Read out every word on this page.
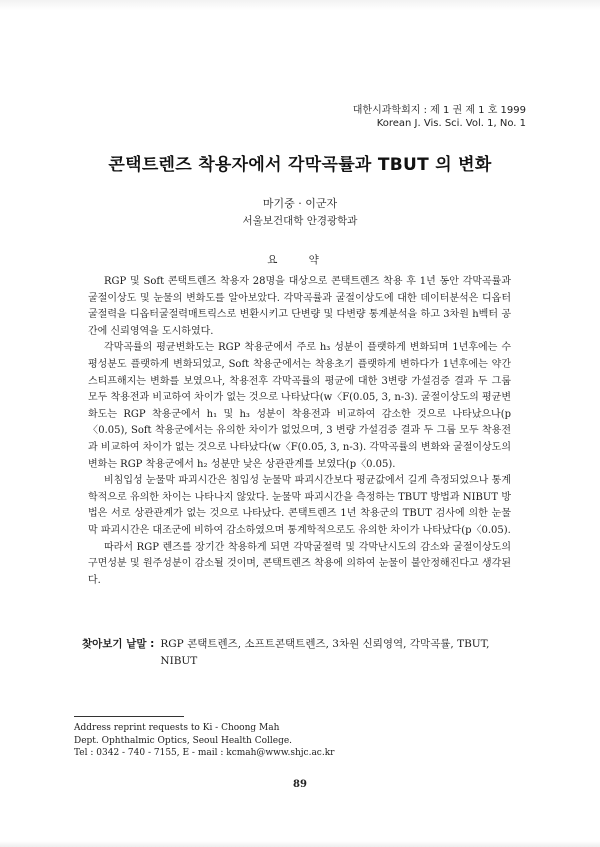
대한시과학회지 : 제 1 권 제 1 호 1999
Korean J. Vis. Sci. Vol. 1, No. 1
콘택트렌즈 착용자에서 각막곡률과 TBUT 의 변화
마기중 · 이군자
서울보건대학 안경광학과
요 약

RGP 및 Soft 콘택트렌즈 착용자 28명을 대상으로 콘택트렌즈 착용 후 1년 동안 각막곡률과 굴절이상도 및 눈물의 변화도를 알아보았다. 각막곡률과 굴절이상도에 대한 데이터분석은 디옵터굴절력을 디옵터굴절력매트릭스로 변환시키고 단변량 및 다변량 통계분석을 하고 3차원 h벡터 공간에 신뢰영역을 도시하였다.

각막곡률의 평균변화도는 RGP 착용군에서 주로 h₃ 성분이 플랫하게 변화되며 1년후에는 수평성분도 플랫하게 변화되었고, Soft 착용군에서는 착용초기 플랫하게 변하다가 1년후에는 약간 스티프해지는 변화를 보였으나, 착용전후 각막곡률의 평균에 대한 3변량 가설검증 결과 두 그룹 모두 착용전과 비교하여 차이가 없는 것으로 나타났다(w〈F(0.05, 3, n-3). 굴절이상도의 평균변화도는 RGP 착용군에서 h₁ 및 h₃ 성분이 착용전과 비교하여 감소한 것으로 나타났으나(p〈0.05), Soft 착용군에서는 유의한 차이가 없었으며, 3 변량 가설검증 결과 두 그룹 모두 착용전과 비교하여 차이가 없는 것으로 나타났다(w〈F(0.05, 3, n-3). 각막곡률의 변화와 굴절이상도의 변화는 RGP 착용군에서 h₂ 성분만 낮은 상관관계를 보였다(p〈0.05).

비침입성 눈물막 파괴시간은 침입성 눈물막 파괴시간보다 평균값에서 길게 측정되었으나 통계학적으로 유의한 차이는 나타나지 않았다. 눈물막 파괴시간을 측정하는 TBUT 방법과 NIBUT 방법은 서로 상관관계가 없는 것으로 나타났다. 콘택트렌즈 1년 착용군의 TBUT 검사에 의한 눈물막 파괴시간은 대조군에 비하여 감소하였으며 통계학적으로도 유의한 차이가 나타났다(p〈0.05).

따라서 RGP 렌즈를 장기간 착용하게 되면 각막굴절력 및 각막난시도의 감소와 굴절이상도의 구면성분 및 원주성분이 감소될 것이며, 콘택트렌즈 착용에 의하여 눈물이 불안정해진다고 생각된다.

찾아보기 낱말 : RGP 콘택트렌즈, 소프트콘택트렌즈, 3차원 신뢰영역, 각막곡률, TBUT, NIBUT
Address reprint requests to Ki - Choong Mah
Dept. Ophthalmic Optics, Seoul Health College.
Tel : 0342 - 740 - 7155, E - mail : kcmah@www.shjc.ac.kr
89
